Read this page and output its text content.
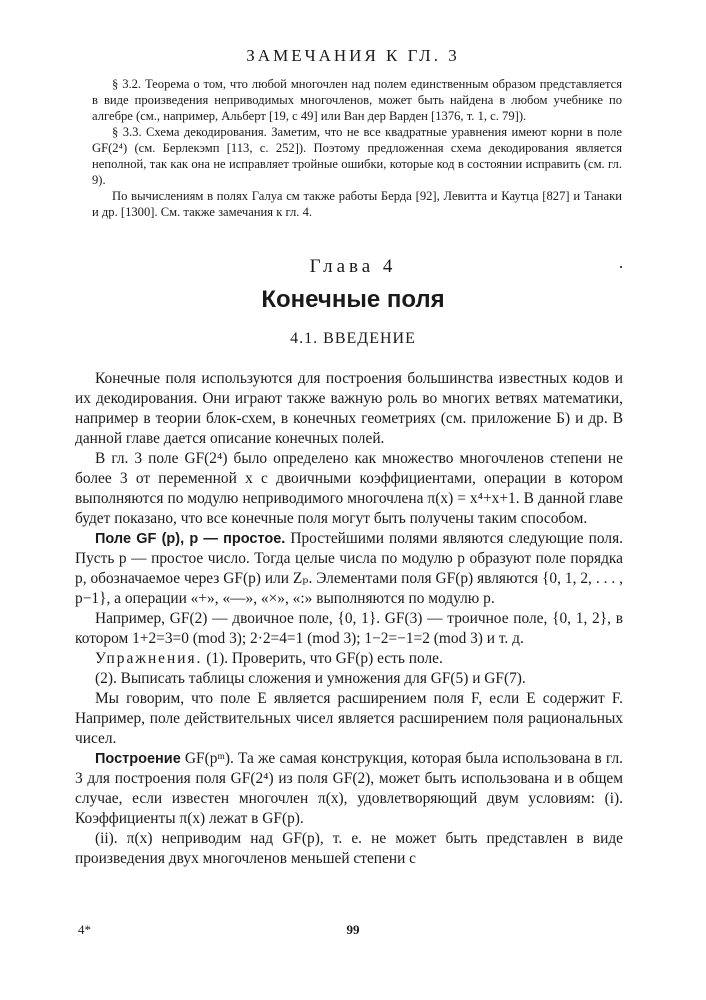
ЗАМЕЧАНИЯ К ГЛ. 3

§ 3.2. Теорема о том, что любой многочлен над полем единственным образом представляется в виде произведения неприводимых многочленов, может быть найдена в любом учебнике по алгебре (см., например, Альберт [19, с 49] или Ван дер Варден [1376, т. 1, с. 79]).

§ 3.3. Схема декодирования. Заметим, что не все квадратные уравнения имеют корни в поле GF(2⁴) (см. Берлекэмп [113, с. 252]). Поэтому предложенная схема декодирования является неполной, так как она не исправляет тройные ошибки, которые код в состоянии исправить (см. гл. 9).

По вычислениям в полях Галуа см также работы Берда [92], Левитта и Каутца [827] и Танаки и др. [1300]. См. также замечания к гл. 4.

Глава 4
Конечные поля
4.1. ВВЕДЕНИЕ

Конечные поля используются для построения большинства известных кодов и их декодирования. Они играют также важную роль во многих ветвях математики, например в теории блок-схем, в конечных геометриях (см. приложение Б) и др. В данной главе дается описание конечных полей.

В гл. 3 поле GF(2⁴) было определено как множество многочленов степени не более 3 от переменной x с двоичными коэффициентами, операции в котором выполняются по модулю неприводимого многочлена π(x) = x⁴+x+1. В данной главе будет показано, что все конечные поля могут быть получены таким способом.

Поле GF (p), p — простое. Простейшими полями являются следующие поля. Пусть p — простое число. Тогда целые числа по модулю p образуют поле порядка p, обозначаемое через GF(p) или Zₚ. Элементами поля GF(p) являются {0, 1, 2, . . . , p−1}, а операции «+», «—», «×», «:» выполняются по модулю p.

Например, GF(2) — двоичное поле, {0, 1}. GF(3) — троичное поле, {0, 1, 2}, в котором 1+2=3=0 (mod 3); 2·2=4=1 (mod 3); 1−2=−1=2 (mod 3) и т. д.

Упражнения. (1). Проверить, что GF(p) есть поле.

(2). Выписать таблицы сложения и умножения для GF(5) и GF(7).

Мы говорим, что поле E является расширением поля F, если E содержит F. Например, поле действительных чисел является расширением поля рациональных чисел.

Построение GF(pᵐ). Та же самая конструкция, которая была использована в гл. 3 для построения поля GF(2⁴) из поля GF(2), может быть использована и в общем случае, если известен многочлен π(x), удовлетворяющий двум условиям: (i). Коэффициенты π(x) лежат в GF(p).

(ii). π(x) неприводим над GF(p), т. е. не может быть представлен в виде произведения двух многочленов меньшей степени с

4*	99
